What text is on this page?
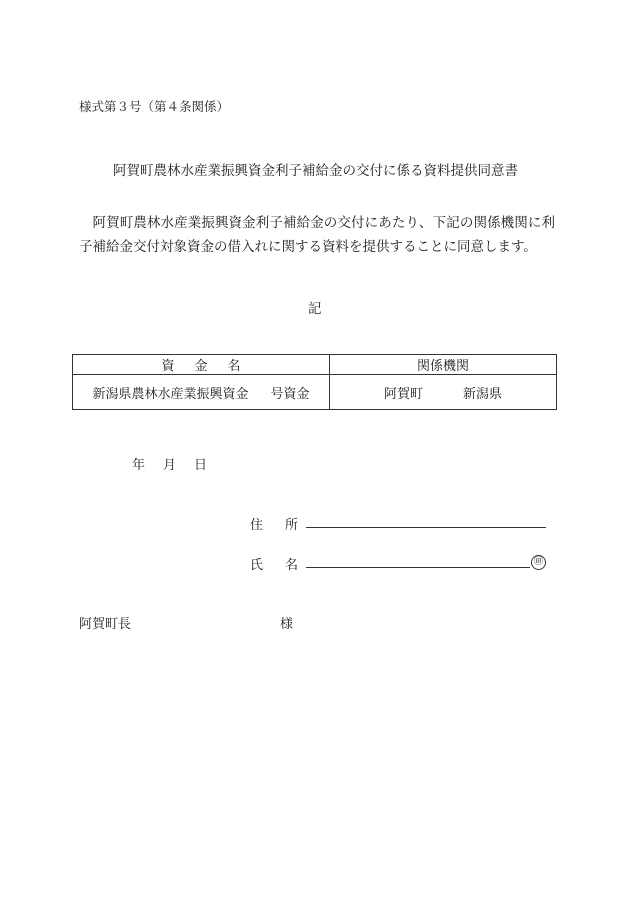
様式第３号（第４条関係）
阿賀町農林水産業振興資金利子補給金の交付に係る資料提供同意書
阿賀町農林水産業振興資金利子補給金の交付にあたり、下記の関係機関に利子補給金交付対象資金の借入れに関する資料を提供することに同意します。
記
資 金 名	関係機関

新潟県農林水産業振興資金 号資金	阿賀町 新潟県
年 月 日
住 所
氏 名	㊞
阿賀町長	様
